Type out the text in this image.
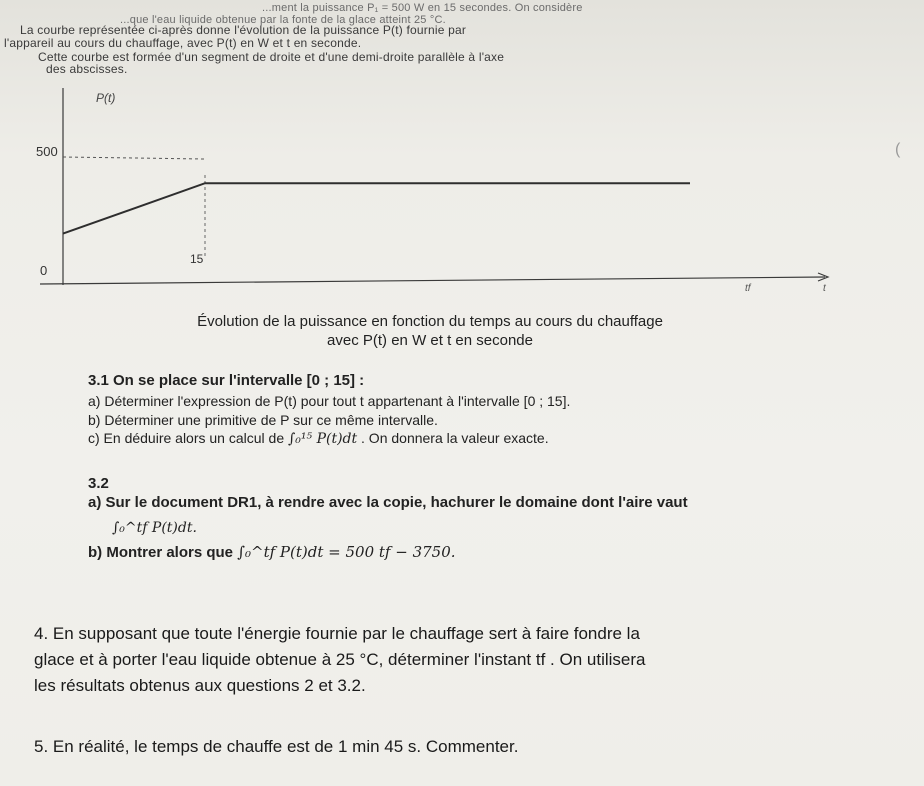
...ment la puissance P₁ = 500 W en 15 secondes. On considère
...que l'eau liquide obtenue par la fonte de la glace atteint 25 °C.
La courbe représentée ci-après donne l'évolution de la puissance P(t) fournie par
l'appareil au cours du chauffage, avec P(t) en W et t en seconde.
Cette courbe est formée d'un segment de droite et d'une demi-droite parallèle à l'axe
des abscisses.
P(t)
500
0
15
tf	t
(
Évolution de la puissance en fonction du temps au cours du chauffage
avec P(t) en W et t en seconde
3.1 On se place sur l'intervalle [0 ; 15] :
a) Déterminer l'expression de P(t) pour tout t appartenant à l'intervalle [0 ; 15].
b) Déterminer une primitive de P sur ce même intervalle.
c) En déduire alors un calcul de ∫₀¹⁵ P(t)dt . On donnera la valeur exacte.
3.2
a) Sur le document DR1, à rendre avec la copie, hachurer le domaine dont l'aire vaut
∫₀^tf P(t)dt.
b) Montrer alors que ∫₀^tf P(t)dt = 500 tf − 3750.
4. En supposant que toute l'énergie fournie par le chauffage sert à faire fondre la
glace et à porter l'eau liquide obtenue à 25 °C, déterminer l'instant tf . On utilisera
les résultats obtenus aux questions 2 et 3.2.
5. En réalité, le temps de chauffe est de 1 min 45 s. Commenter.
